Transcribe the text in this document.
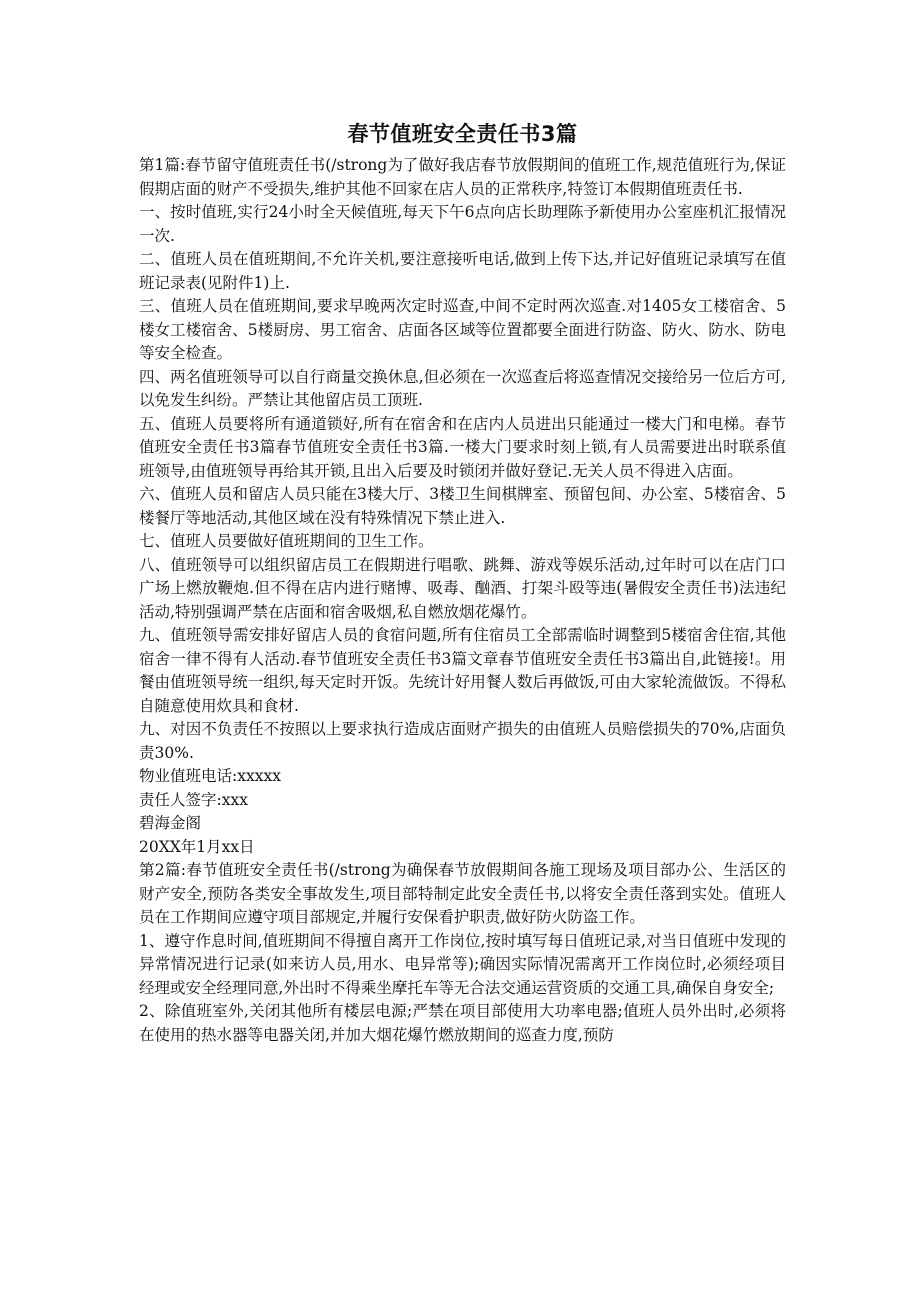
春节值班安全责任书3篇

第1篇:春节留守值班责任书(/strong为了做好我店春节放假期间的值班工作,规范值班行为,保证假期店面的财产不受损失,维护其他不回家在店人员的正常秩序,特签订本假期值班责任书.

一、按时值班,实行24小时全天候值班,每天下午6点向店长助理陈予新使用办公室座机汇报情况一次.

二、值班人员在值班期间,不允许关机,要注意接听电话,做到上传下达,并记好值班记录填写在值班记录表(见附件1)上.

三、值班人员在值班期间,要求早晚两次定时巡查,中间不定时两次巡查.对1405女工楼宿舍、5楼女工楼宿舍、5楼厨房、男工宿舍、店面各区域等位置都要全面进行防盗、防火、防水、防电等安全检查。

四、两名值班领导可以自行商量交换休息,但必须在一次巡查后将巡查情况交接给另一位后方可,以免发生纠纷。严禁让其他留店员工顶班.

五、值班人员要将所有通道锁好,所有在宿舍和在店内人员进出只能通过一楼大门和电梯。春节值班安全责任书3篇春节值班安全责任书3篇.一楼大门要求时刻上锁,有人员需要进出时联系值班领导,由值班领导再给其开锁,且出入后要及时锁闭并做好登记.无关人员不得进入店面。

六、值班人员和留店人员只能在3楼大厅、3楼卫生间棋牌室、预留包间、办公室、5楼宿舍、5楼餐厅等地活动,其他区域在没有特殊情况下禁止进入.

七、值班人员要做好值班期间的卫生工作。

八、值班领导可以组织留店员工在假期进行唱歌、跳舞、游戏等娱乐活动,过年时可以在店门口广场上燃放鞭炮.但不得在店内进行赌博、吸毒、酗酒、打架斗殴等违(暑假安全责任书)法违纪活动,特别强调严禁在店面和宿舍吸烟,私自燃放烟花爆竹。

九、值班领导需安排好留店人员的食宿问题,所有住宿员工全部需临时调整到5楼宿舍住宿,其他宿舍一律不得有人活动.春节值班安全责任书3篇文章春节值班安全责任书3篇出自,此链接!。用餐由值班领导统一组织,每天定时开饭。先统计好用餐人数后再做饭,可由大家轮流做饭。不得私自随意使用炊具和食材.

九、对因不负责任不按照以上要求执行造成店面财产损失的由值班人员赔偿损失的70%,店面负责30%.

物业值班电话:xxxxx

责任人签字:xxx

碧海金阁

20XX年1月xx日

第2篇:春节值班安全责任书(/strong为确保春节放假期间各施工现场及项目部办公、生活区的财产安全,预防各类安全事故发生,项目部特制定此安全责任书,以将安全责任落到实处。值班人员在工作期间应遵守项目部规定,并履行安保看护职责,做好防火防盗工作。

1、遵守作息时间,值班期间不得擅自离开工作岗位,按时填写每日值班记录,对当日值班中发现的异常情况进行记录(如来访人员,用水、电异常等);确因实际情况需离开工作岗位时,必须经项目经理或安全经理同意,外出时不得乘坐摩托车等无合法交通运营资质的交通工具,确保自身安全;

2、除值班室外,关闭其他所有楼层电源;严禁在项目部使用大功率电器;值班人员外出时,必须将在使用的热水器等电器关闭,并加大烟花爆竹燃放期间的巡查力度,预防
